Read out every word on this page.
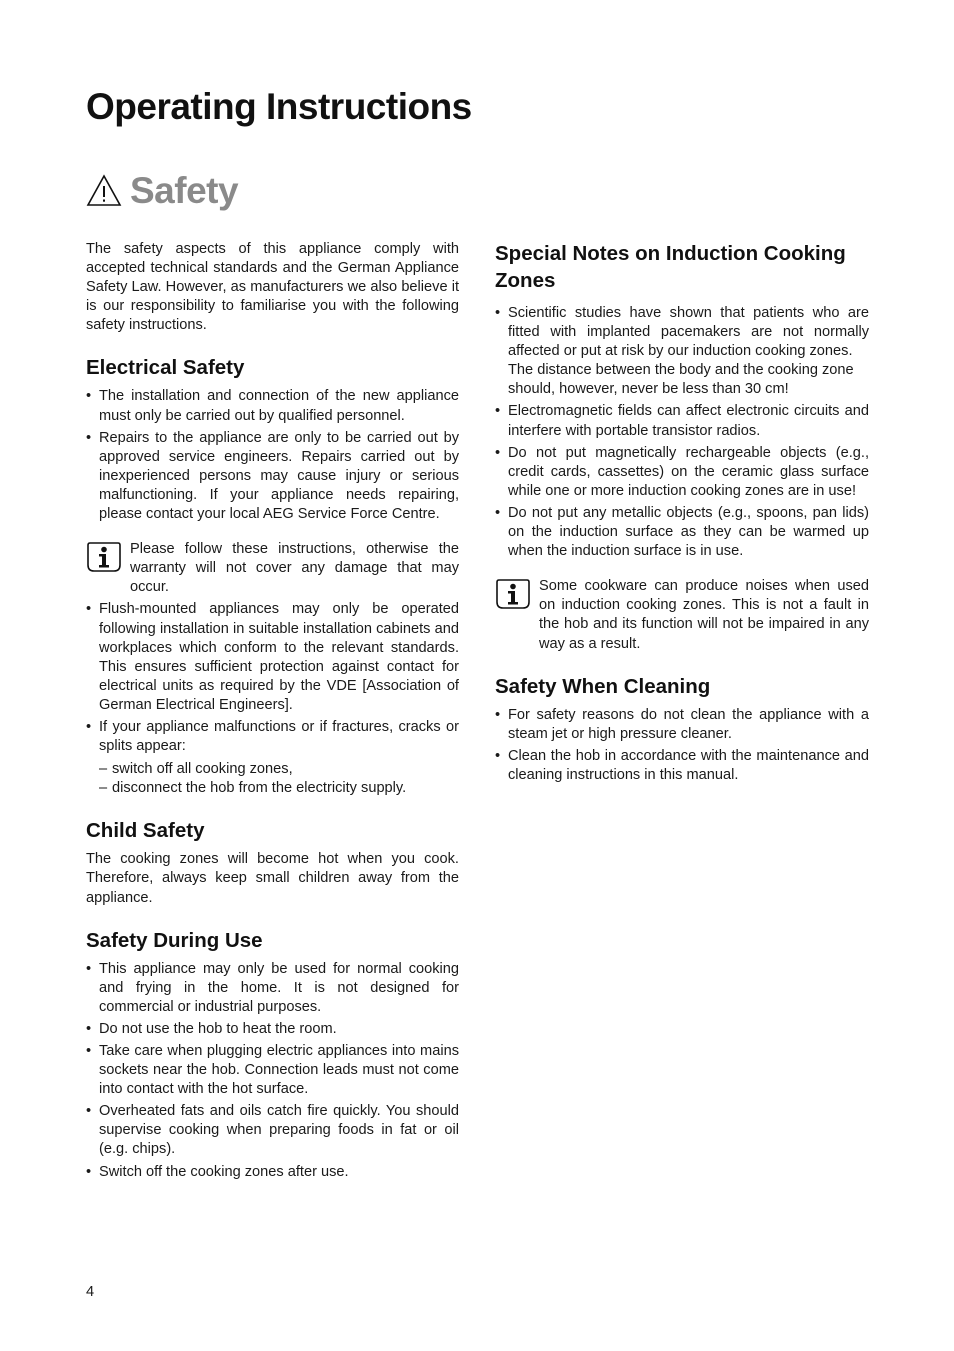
Operating Instructions
Safety

The safety aspects of this appliance comply with accepted technical standards and the German Appliance Safety Law. However, as manufacturers we also believe it is our responsibility to familiarise you with the following safety instructions.

Electrical Safety
• The installation and connection of the new appliance must only be carried out by qualified personnel.
• Repairs to the appliance are only to be carried out by approved service engineers. Repairs carried out by inexperienced persons may cause injury or serious malfunctioning. If your appliance needs repairing, please contact your local AEG Service Force Centre.

Please follow these instructions, otherwise the warranty will not cover any damage that may occur.

• Flush-mounted appliances may only be operated following installation in suitable installation cabinets and workplaces which conform to the relevant standards. This ensures sufficient protection against contact for electrical units as required by the VDE [Association of German Electrical Engineers].
• If your appliance malfunctions or if fractures, cracks or splits appear:
– switch off all cooking zones,
– disconnect the hob from the electricity supply.
Child Safety

The cooking zones will become hot when you cook. Therefore, always keep small children away from the appliance.

Safety During Use
• This appliance may only be used for normal cooking and frying in the home. It is not designed for commercial or industrial purposes.
• Do not use the hob to heat the room.
• Take care when plugging electric appliances into mains sockets near the hob. Connection leads must not come into contact with the hot surface.
• Overheated fats and oils catch fire quickly. You should supervise cooking when preparing foods in fat or oil (e.g. chips).
• Switch off the cooking zones after use.
Special Notes on Induction Cooking Zones

• Scientific studies have shown that patients who are fitted with implanted pacemakers are not normally affected or put at risk by our induction cooking zones.

The distance between the body and the cooking zone should, however, never be less than 30 cm!

• Electromagnetic fields can affect electronic circuits and interfere with portable transistor radios.
• Do not put magnetically rechargeable objects (e.g., credit cards, cassettes) on the ceramic glass surface while one or more induction cooking zones are in use!
• Do not put any metallic objects (e.g., spoons, pan lids) on the induction surface as they can be warmed up when the induction surface is in use.

Some cookware can produce noises when used on induction cooking zones. This is not a fault in the hob and its function will not be impaired in any way as a result.

Safety When Cleaning
• For safety reasons do not clean the appliance with a steam jet or high pressure cleaner.
• Clean the hob in accordance with the maintenance and cleaning instructions in this manual.
4
